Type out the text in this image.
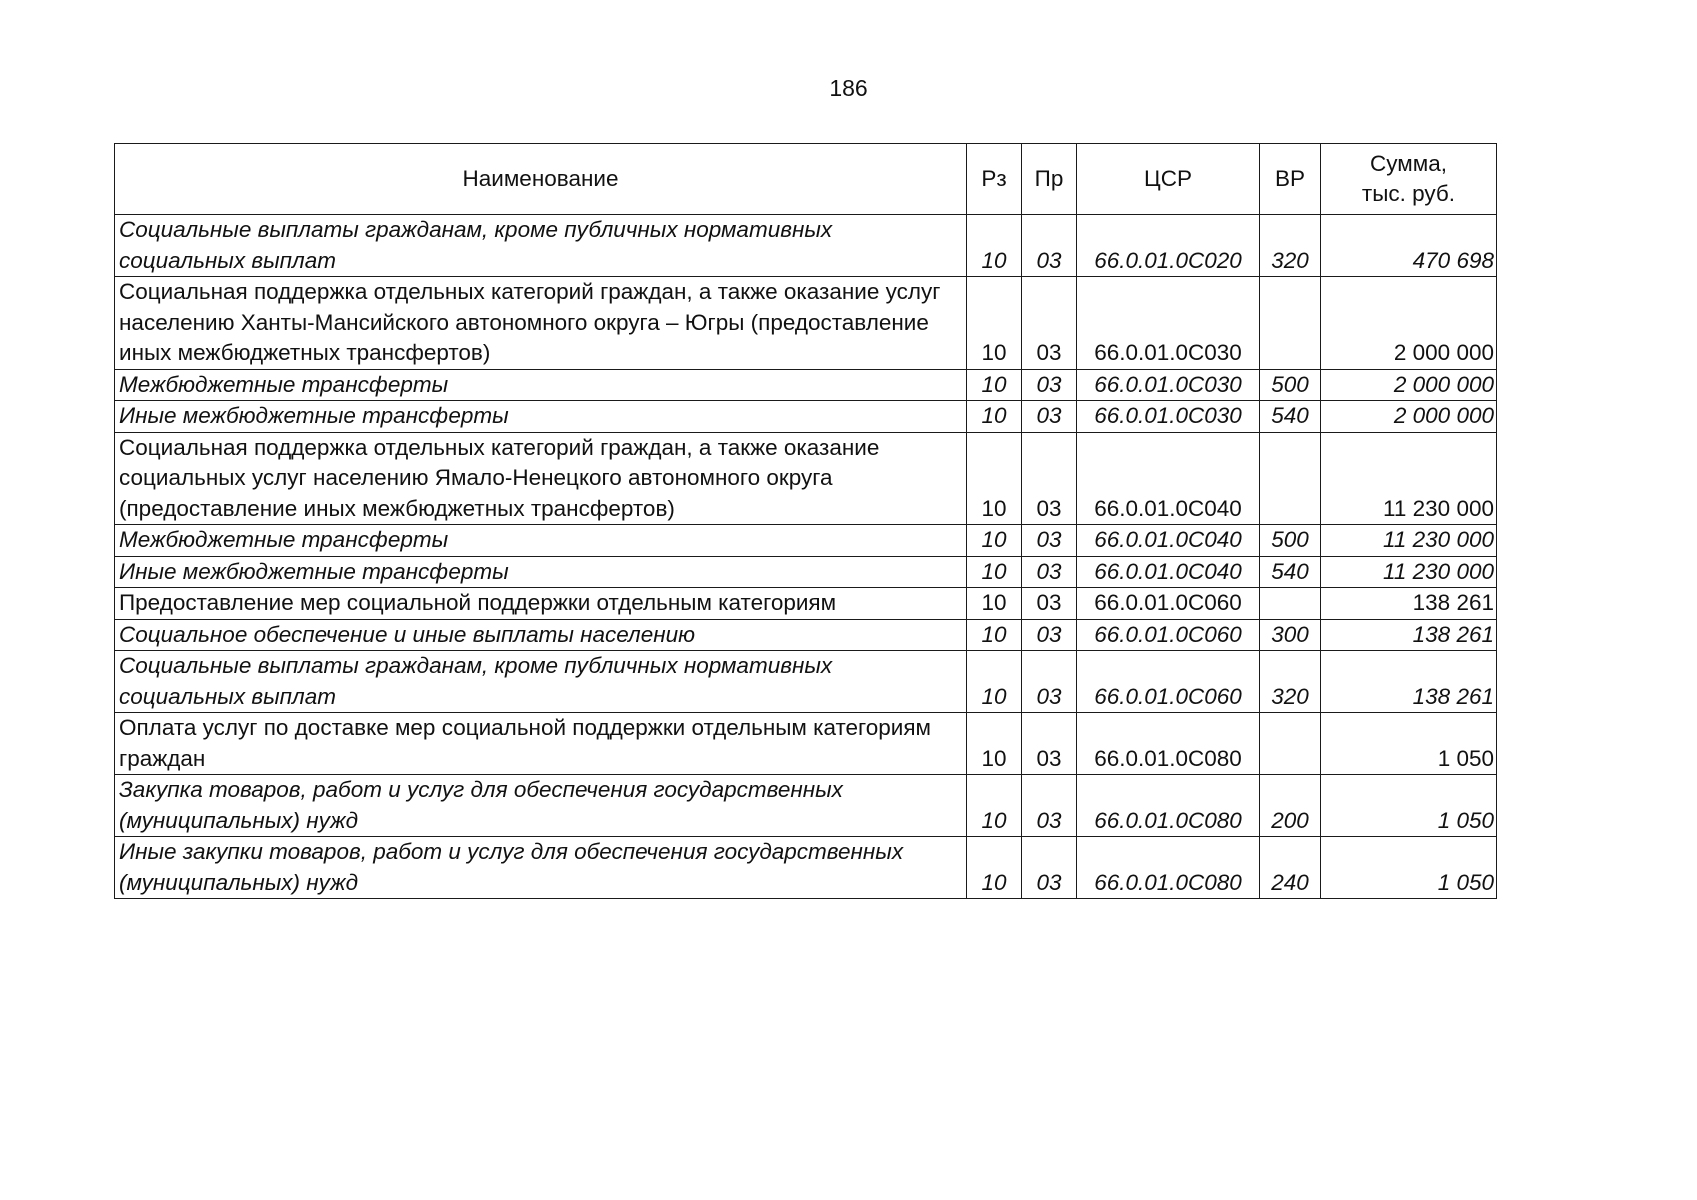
186
Наименование	Рз	Пр	ЦСР	ВР	Сумма,
тыс. руб.

Социальные выплаты гражданам, кроме публичных нормативных социальных выплат	10	03	66.0.01.0С020	320	470 698
Социальная поддержка отдельных категорий граждан, а также оказание услуг населению Ханты-Мансийского автономного округа – Югры (предоставление иных межбюджетных трансфертов)	10	03	66.0.01.0С030		2 000 000
Межбюджетные трансферты	10	03	66.0.01.0С030	500	2 000 000
Иные межбюджетные трансферты	10	03	66.0.01.0С030	540	2 000 000
Социальная поддержка отдельных категорий граждан, а также оказание социальных услуг населению Ямало-Ненецкого автономного округа (предоставление иных межбюджетных трансфертов)	10	03	66.0.01.0С040		11 230 000
Межбюджетные трансферты	10	03	66.0.01.0С040	500	11 230 000
Иные межбюджетные трансферты	10	03	66.0.01.0С040	540	11 230 000
Предоставление мер социальной поддержки отдельным категориям	10	03	66.0.01.0С060		138 261
Социальное обеспечение и иные выплаты населению	10	03	66.0.01.0С060	300	138 261
Социальные выплаты гражданам, кроме публичных нормативных социальных выплат	10	03	66.0.01.0С060	320	138 261
Оплата услуг по доставке мер социальной поддержки отдельным категориям граждан	10	03	66.0.01.0С080		1 050
Закупка товаров, работ и услуг для обеспечения государственных (муниципальных) нужд	10	03	66.0.01.0С080	200	1 050
Иные закупки товаров, работ и услуг для обеспечения государственных (муниципальных) нужд	10	03	66.0.01.0С080	240	1 050
